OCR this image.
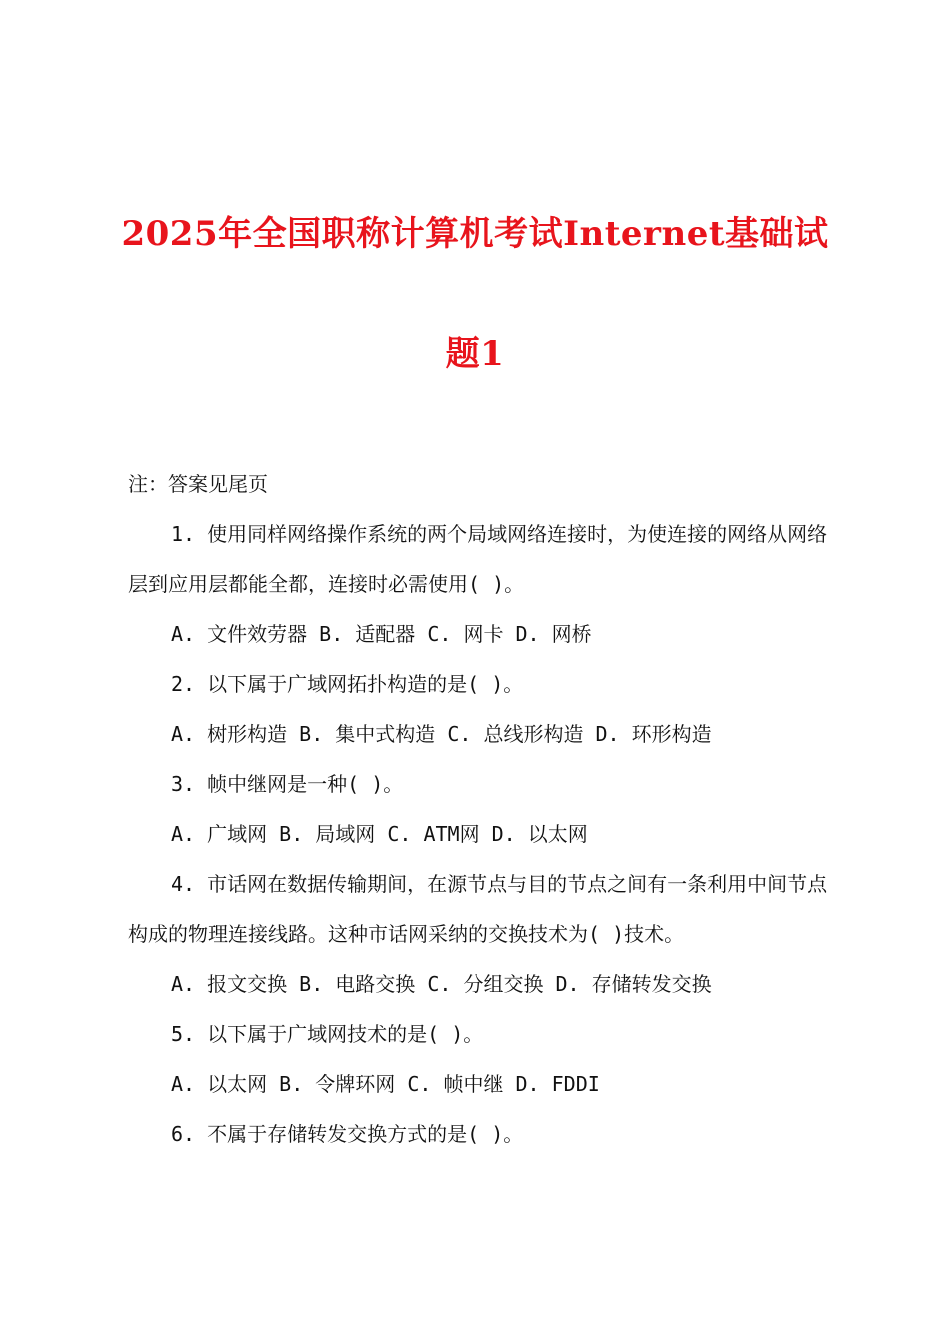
2025年全国职称计算机考试Internet基础试
题1
注：答案见尾页
1. 使用同样网络操作系统的两个局域网络连接时，为使连接的网络从网络层到应用层都能全都，连接时必需使用( )。
A. 文件效劳器 B. 适配器 C. 网卡 D. 网桥
2. 以下属于广域网拓扑构造的是( )。
A. 树形构造 B. 集中式构造 C. 总线形构造 D. 环形构造
3. 帧中继网是一种( )。
A. 广域网 B. 局域网 C. ATM网 D. 以太网
4. 市话网在数据传输期间，在源节点与目的节点之间有一条利用中间节点构成的物理连接线路。这种市话网采纳的交换技术为( )技术。
A. 报文交换 B. 电路交换 C. 分组交换 D. 存储转发交换
5. 以下属于广域网技术的是( )。
A. 以太网 B. 令牌环网 C. 帧中继 D. FDDI
6. 不属于存储转发交换方式的是( )。
